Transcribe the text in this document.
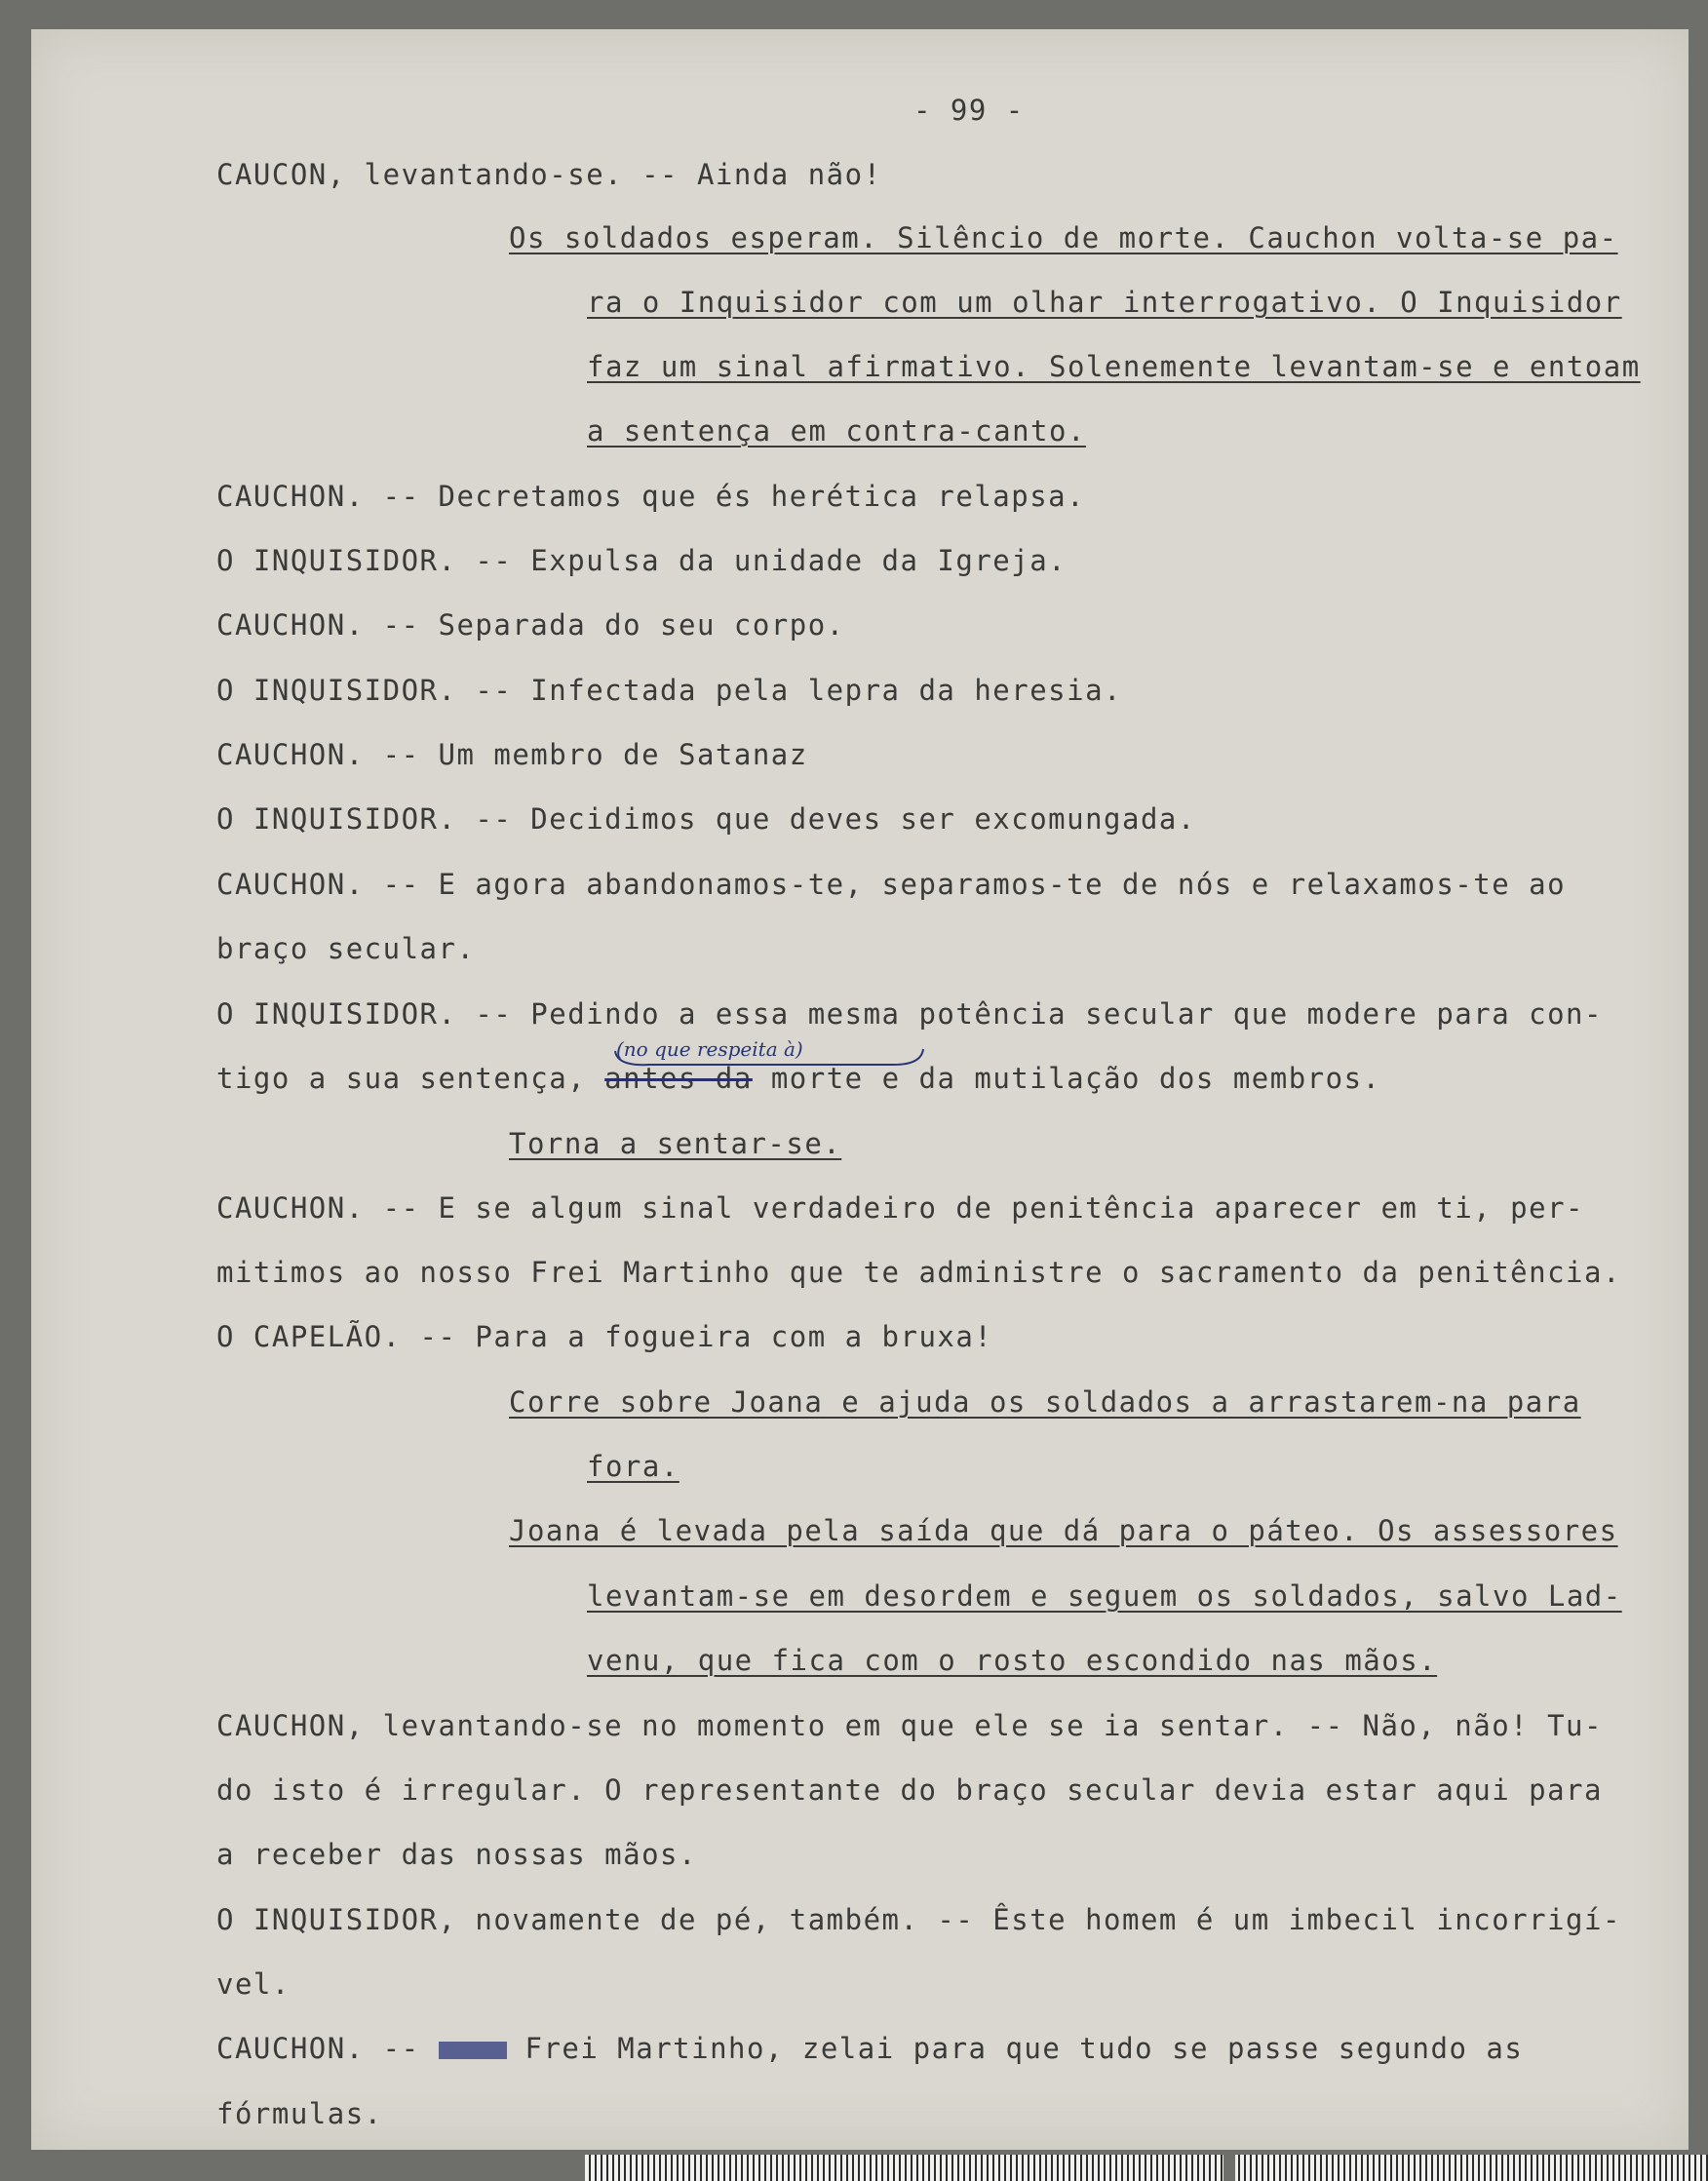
- 99 -
CAUCON, levantando-se. -- Ainda não!
Os soldados esperam. Silêncio de morte. Cauchon volta-se pa-
ra o Inquisidor com um olhar interrogativo. O Inquisidor
faz um sinal afirmativo. Solenemente levantam-se e entoam
a sentença em contra-canto.
CAUCHON. -- Decretamos que és herética relapsa.
O INQUISIDOR. -- Expulsa da unidade da Igreja.
CAUCHON. -- Separada do seu corpo.
O INQUISIDOR. -- Infectada pela lepra da heresia.
CAUCHON. -- Um membro de Satanaz
O INQUISIDOR. -- Decidimos que deves ser excomungada.
CAUCHON. -- E agora abandonamos-te, separamos-te de nós e relaxamos-te ao
braço secular.
O INQUISIDOR. -- Pedindo a essa mesma potência secular que modere para con-
(no que respeita à)
tigo a sua sentença, antes da morte e da mutilação dos membros.
Torna a sentar-se.
CAUCHON. -- E se algum sinal verdadeiro de penitência aparecer em ti, per-
mitimos ao nosso Frei Martinho que te administre o sacramento da penitência.
O CAPELÃO. -- Para a fogueira com a bruxa!
Corre sobre Joana e ajuda os soldados a arrastarem-na para
fora.
Joana é levada pela saída que dá para o páteo. Os assessores
levantam-se em desordem e seguem os soldados, salvo Lad-
venu, que fica com o rosto escondido nas mãos.
CAUCHON, levantando-se no momento em que ele se ia sentar. -- Não, não! Tu-
do isto é irregular. O representante do braço secular devia estar aqui para
a receber das nossas mãos.
O INQUISIDOR, novamente de pé, também. -- Êste homem é um imbecil incorrigí-
vel.
CAUCHON. --	Frei Martinho, zelai para que tudo se passe segundo as
fórmulas.
